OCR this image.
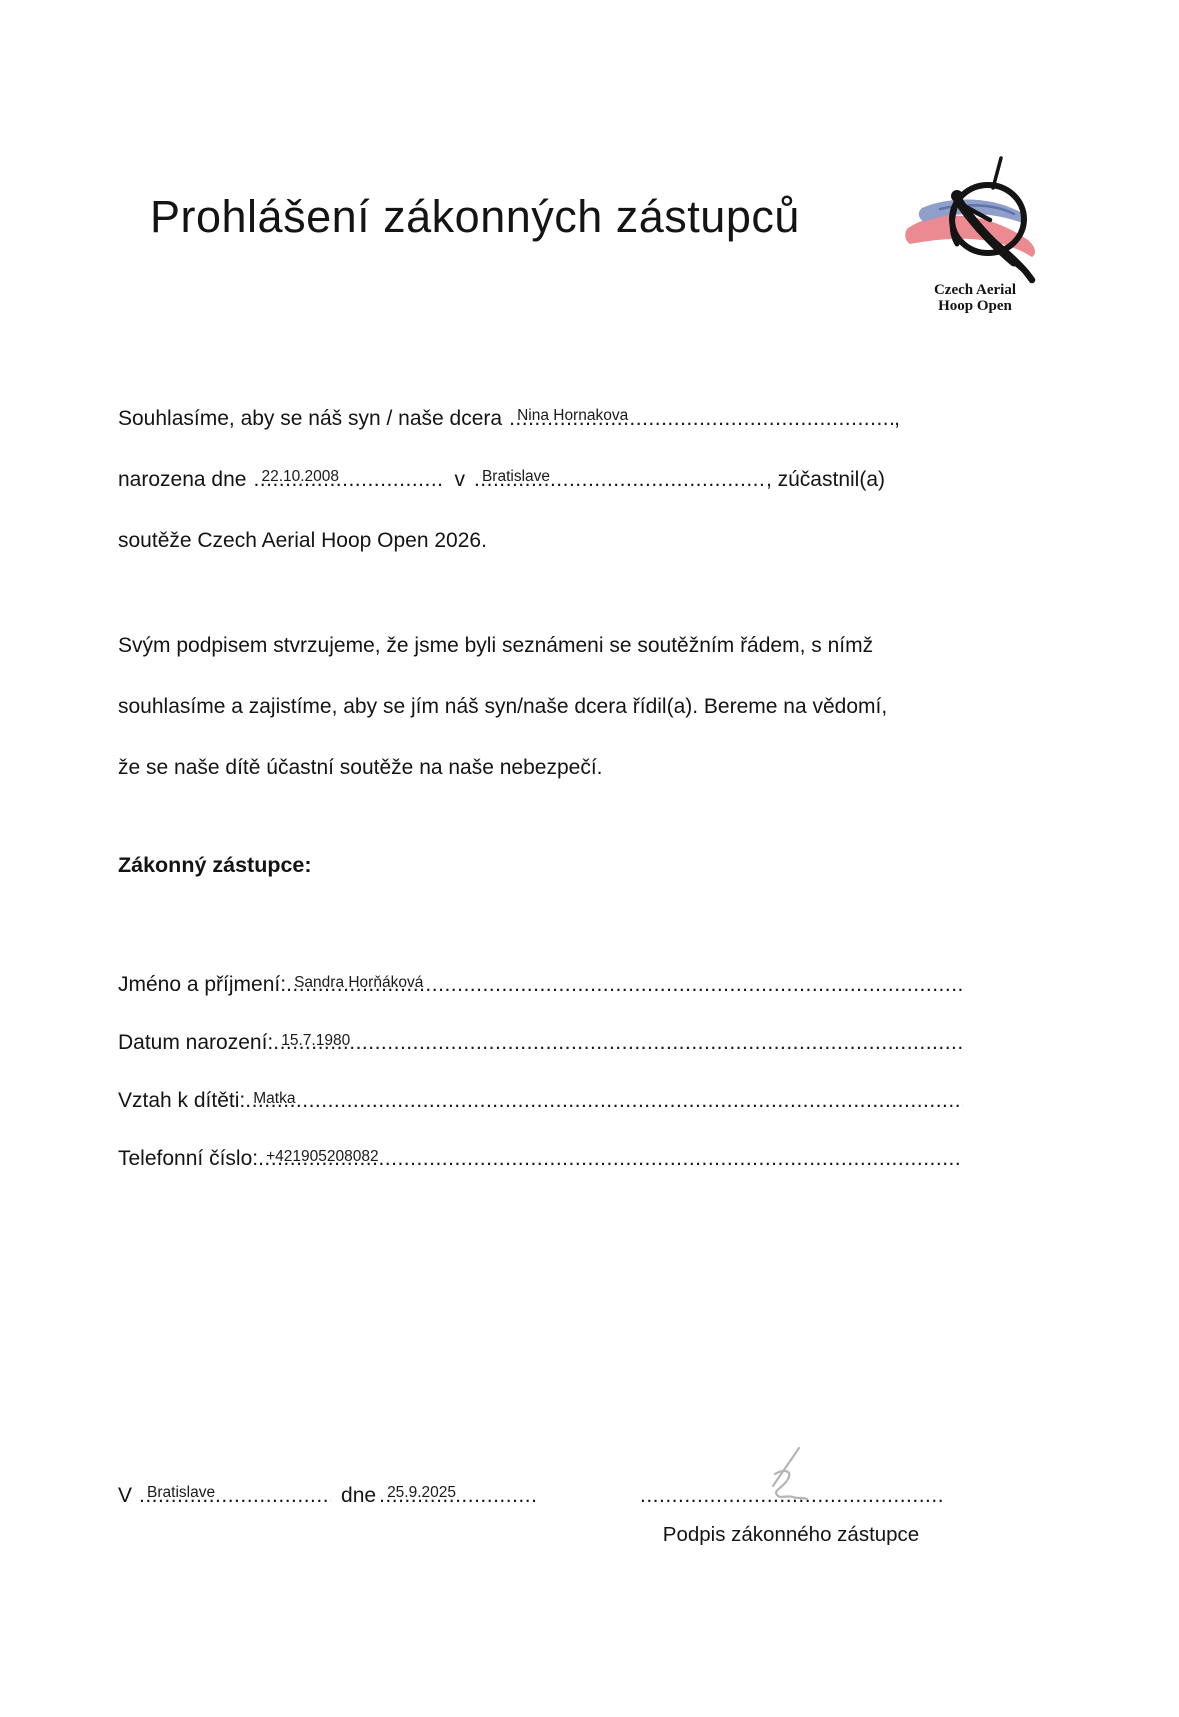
Prohlášení zákonných zástupců
Czech Aerial
Hoop Open
Souhlasíme, aby se náš syn / naše dcera Nina Hornakova
.....	,
narozena dne 22.10.2008
.....	v Bratislave
.....	, zúčastnil(a)
soutěže Czech Aerial Hoop Open 2026.
Svým podpisem stvrzujeme, že jsme byli seznámeni se soutěžním řádem, s nímž
souhlasíme a zajistíme, aby se jím náš syn/naše dcera řídil(a). Bereme na vědomí,
že se naše dítě účastní soutěže na naše nebezpečí.
Zákonný zástupce:
Jméno a příjmení: Sandra Horňáková
.....
Datum narození: 15.7.1980
.....
Vztah k dítěti: Matka
.....
Telefonní číslo: +421905208082
.....
V Bratislave
.....	dne 25.9.2025
.....
.....
Podpis zákonného zástupce
